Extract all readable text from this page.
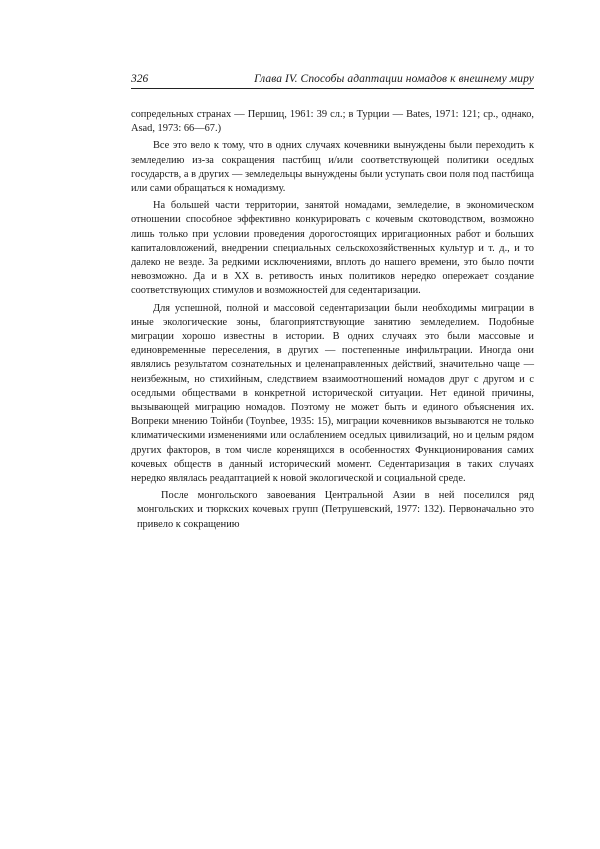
326	Глава IV. Способы адаптации номадов к внешнему миру

сопредельных странах — Першиц, 1961: 39 сл.; в Турции — Bates, 1971: 121; ср., однако, Asad, 1973: 66—67.)

Все это вело к тому, что в одних случаях кочевники вынуждены были переходить к земледелию из-за сокращения пастбищ и/или соответствующей политики оседлых государств, а в других — земледельцы вынуждены были уступать свои поля под пастбища или сами обращаться к номадизму.

На большей части территории, занятой номадами, земледелие, в экономическом отношении способное эффективно конкурировать с кочевым скотоводством, возможно лишь только при условии проведения дорогостоящих ирригационных работ и больших капиталовложений, внедрении специальных сельскохозяйственных культур и т. д., и то далеко не везде. За редкими исключениями, вплоть до нашего времени, это было почти невозможно. Да и в XX в. ретивость иных политиков нередко опережает создание соответствующих стимулов и возможностей для седентаризации.

Для успешной, полной и массовой седентаризации были необходимы миграции в иные экологические зоны, благоприятствующие занятию земледелием. Подобные миграции хорошо известны в истории. В одних случаях это были массовые и единовременные переселения, в других — постепенные инфильтрации. Иногда они являлись результатом сознательных и целенаправленных действий, значительно чаще — неизбежным, но стихийным, следствием взаимоотношений номадов друг с другом и с оседлыми обществами в конкретной исторической ситуации. Нет единой причины, вызывающей миграцию номадов. Поэтому не может быть и единого объяснения их. Вопреки мнению Тойнби (Toynbee, 1935: 15), миграции кочевников вызываются не только климатическими изменениями или ослаблением оседлых цивилизаций, но и целым рядом других факторов, в том числе коренящихся в особенностях Функционирования самих кочевых обществ в данный исторический момент. Седентаризация в таких случаях нередко являлась реадаптацией к новой экологической и социальной среде.

После монгольского завоевания Центральной Азии в ней поселился ряд монгольских и тюркских кочевых групп (Петрушевский, 1977: 132). Первоначально это привело к сокращению
